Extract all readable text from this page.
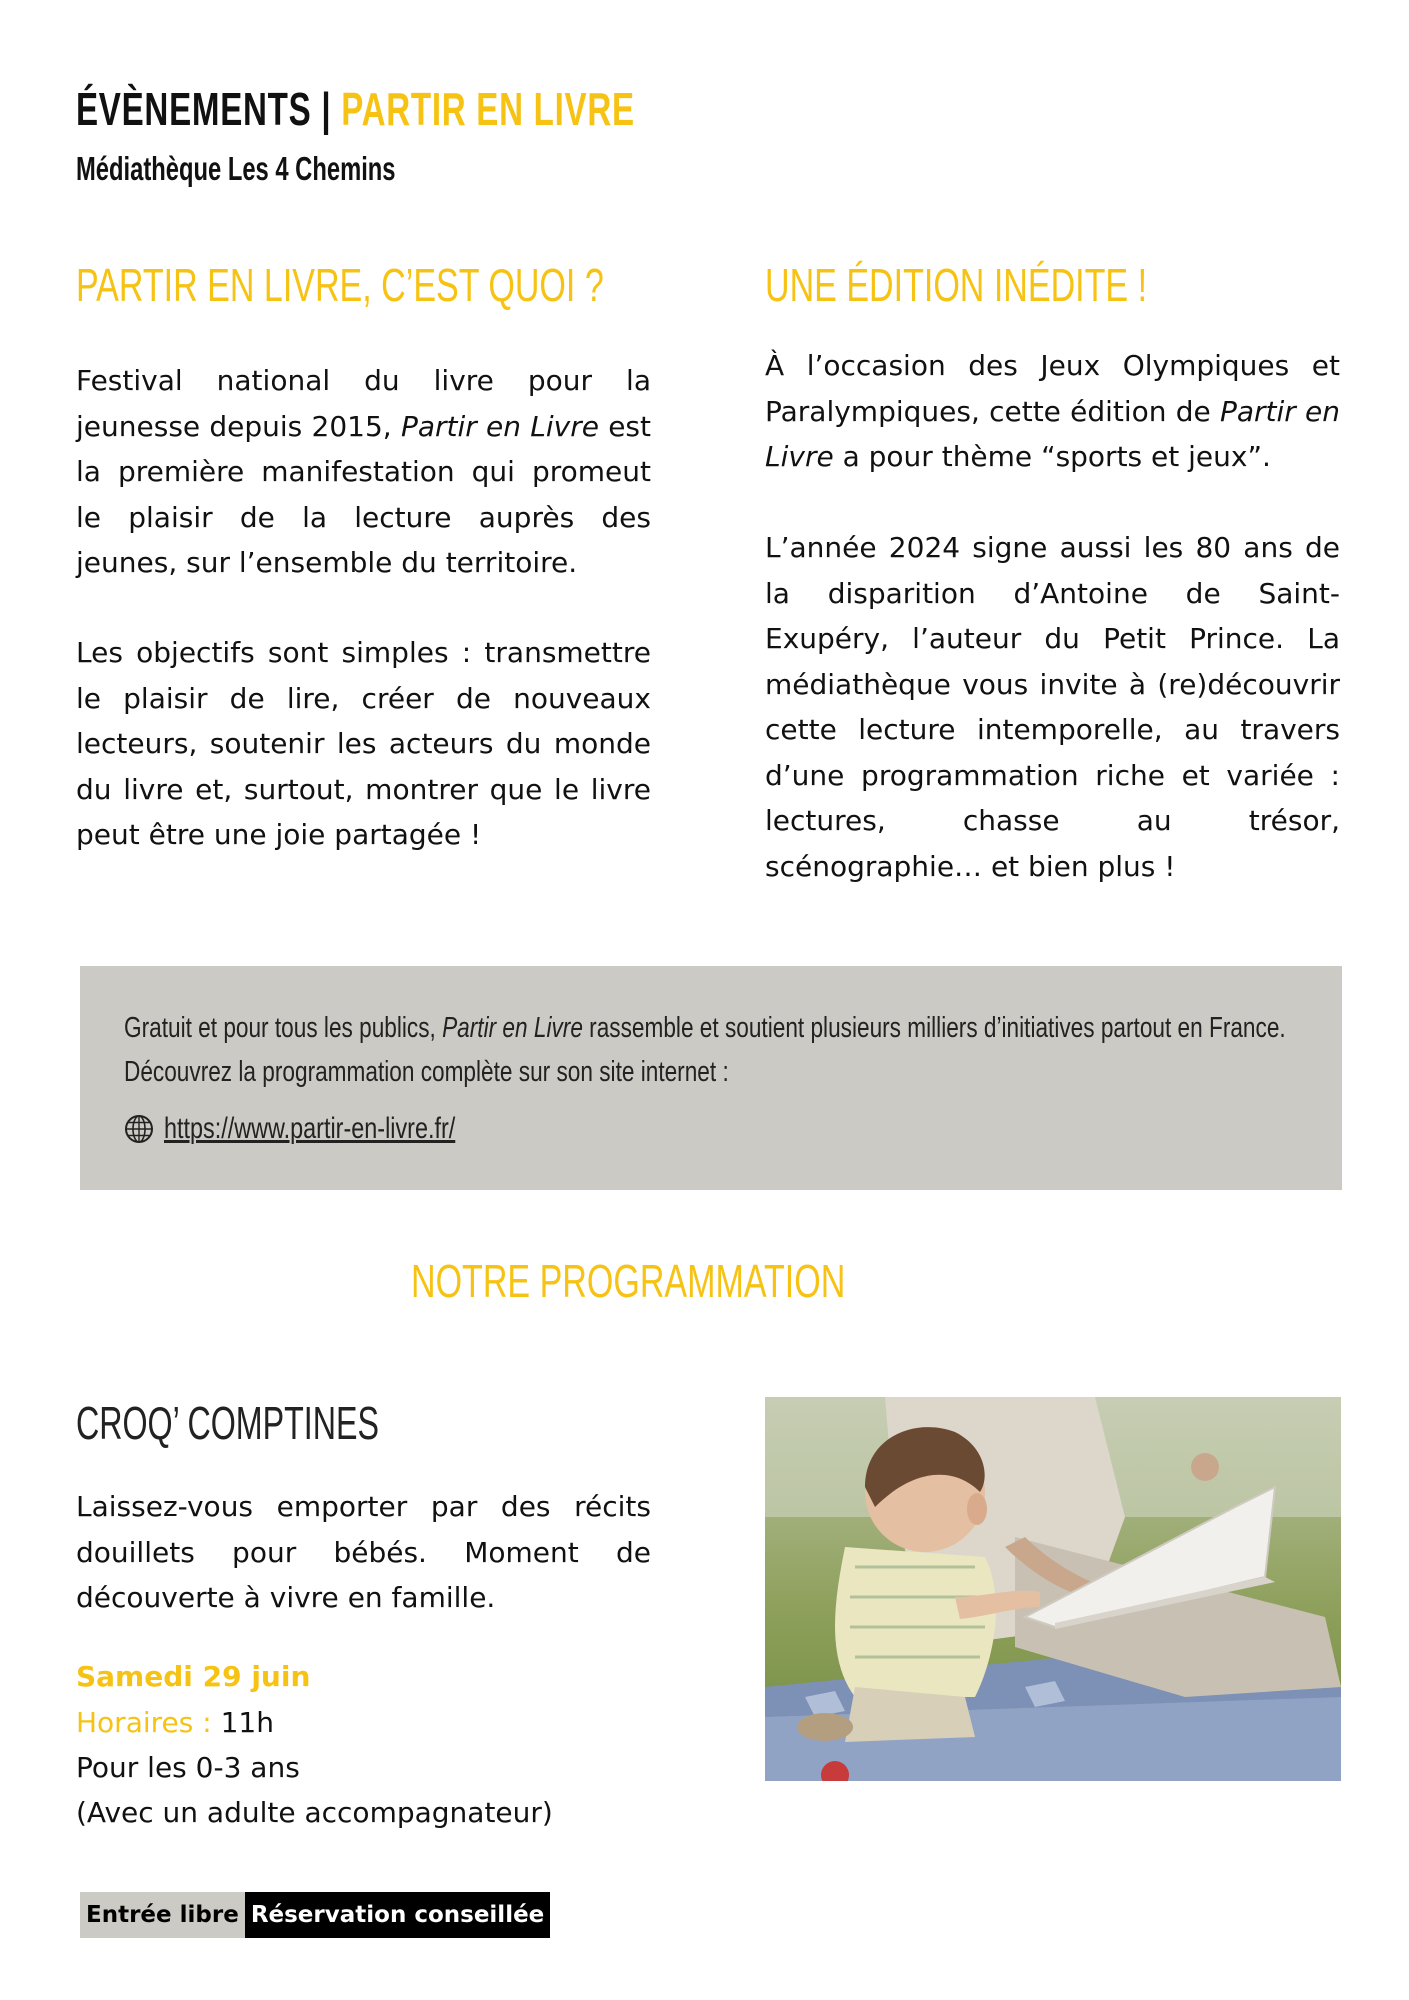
ÉVÈNEMENTS | PARTIR EN LIVRE
Médiathèque Les 4 Chemins
PARTIR EN LIVRE, C’EST QUOI ?

Festival national du livre pour la jeunesse depuis 2015, Partir en Livre est la première manifestation qui promeut le plaisir de la lecture auprès des jeunes, sur l’ensemble du territoire.

Les objectifs sont simples : transmettre le plaisir de lire, créer de nouveaux lecteurs, soutenir les acteurs du monde du livre et, surtout, montrer que le livre peut être une joie partagée !

UNE ÉDITION INÉDITE !

À l’occasion des Jeux Olympiques et Paralympiques, cette édition de Partir en Livre a pour thème “sports et jeux”.

L’année 2024 signe aussi les 80 ans de la disparition d’Antoine de Saint-Exupéry, l’auteur du Petit Prince. La médiathèque vous invite à (re)découvrir cette lecture intemporelle, au travers d’une programmation riche et variée : lectures, chasse au trésor, scénographie… et bien plus !

Gratuit et pour tous les publics, Partir en Livre rassemble et soutient plusieurs milliers d’initiatives partout en France. Découvrez la programmation complète sur son site internet :
https://www.partir-en-livre.fr/
NOTRE PROGRAMMATION
CROQ’ COMPTINES

Laissez-vous emporter par des récits douillets pour bébés. Moment de découverte à vivre en famille.

Samedi 29 juin
Horaires : 11h
Pour les 0-3 ans
(Avec un adulte accompagnateur)
Entrée libre Réservation conseillée
